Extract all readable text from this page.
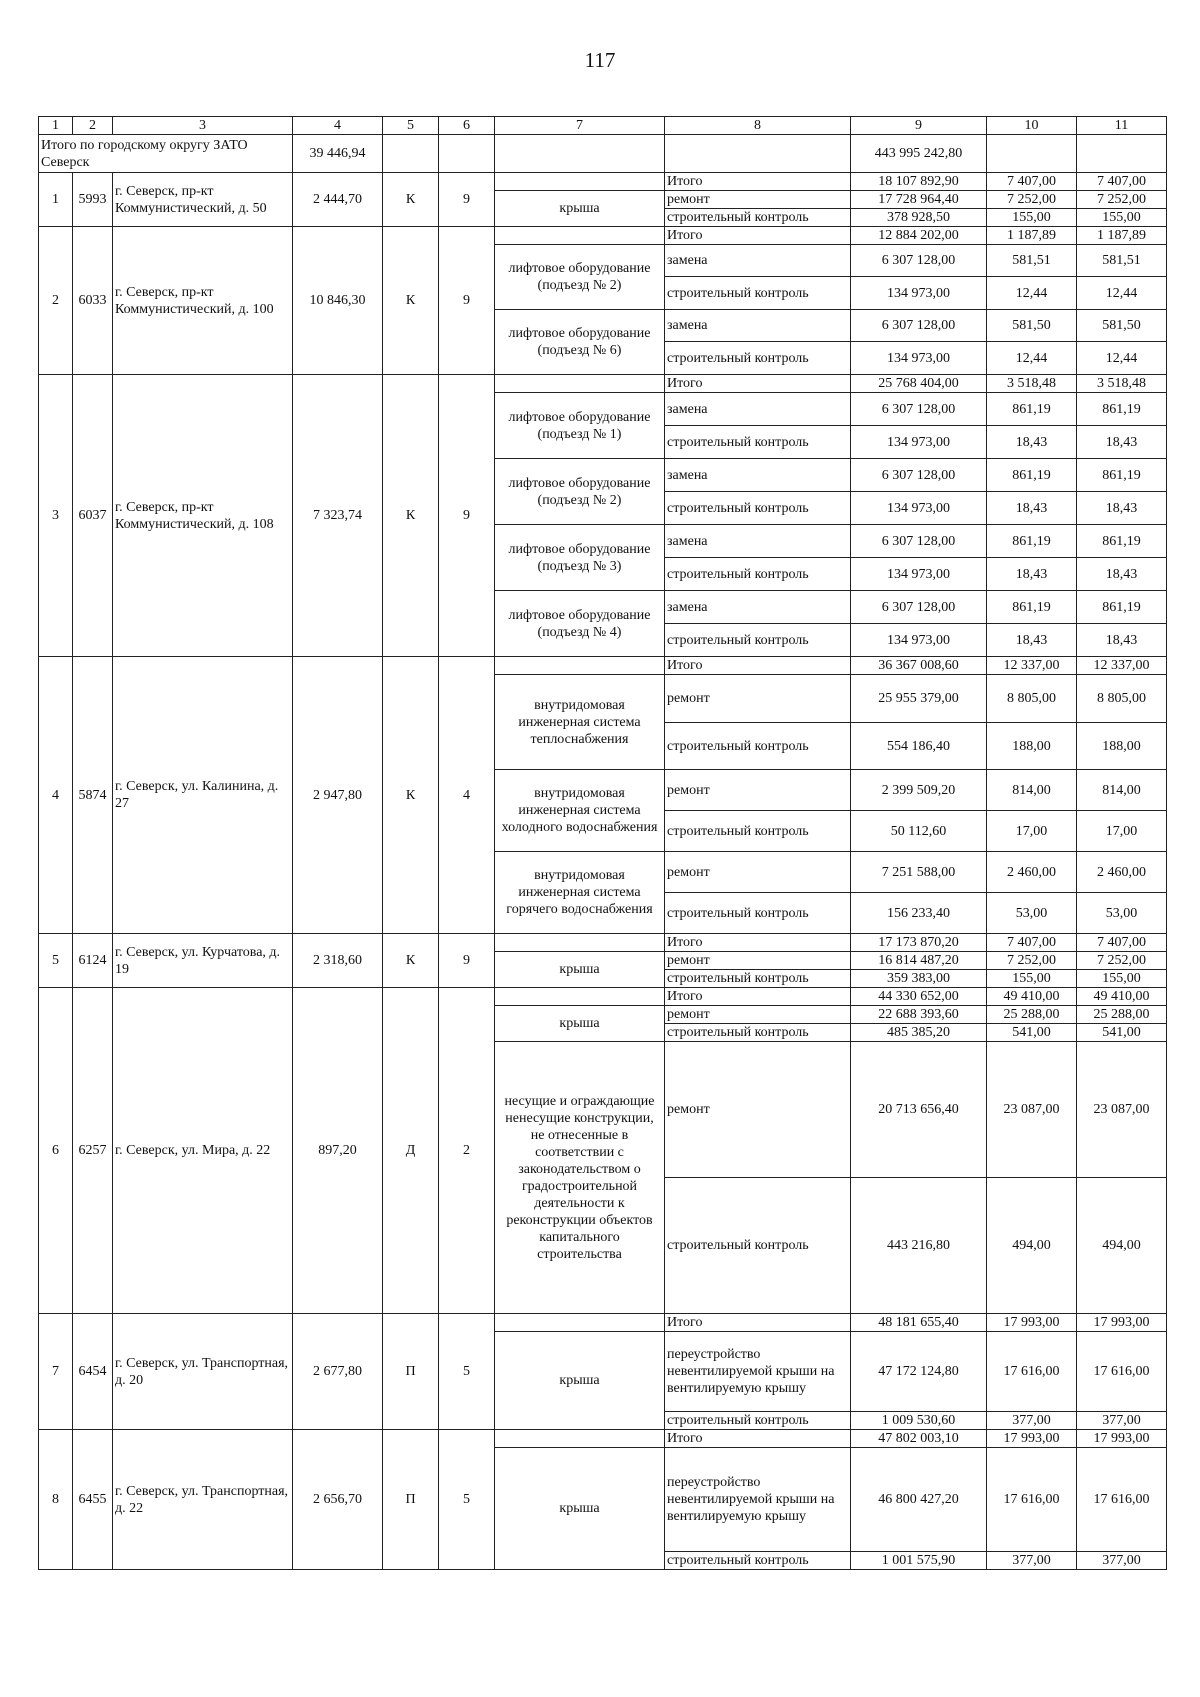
117
1	2	3	4	5	6	7	8	9	10	11
Итого по городскому округу ЗАТО Северск			39 446,94					443 995 242,80		
1	5993	г. Северск, пр-кт Коммунистический, д. 50	2 444,70	К	9		Итого	18 107 892,90	7 407,00	7 407,00
						крыша	ремонт	17 728 964,40	7 252,00	7 252,00
							строительный контроль	378 928,50	155,00	155,00
2	6033	г. Северск, пр-кт Коммунистический, д. 100	10 846,30	К	9		Итого	12 884 202,00	1 187,89	1 187,89
						лифтовое оборудование (подъезд № 2)	замена	6 307 128,00	581,51	581,51
							строительный контроль	134 973,00	12,44	12,44
						лифтовое оборудование (подъезд № 6)	замена	6 307 128,00	581,50	581,50
							строительный контроль	134 973,00	12,44	12,44
3	6037	г. Северск, пр-кт Коммунистический, д. 108	7 323,74	К	9		Итого	25 768 404,00	3 518,48	3 518,48
						лифтовое оборудование (подъезд № 1)	замена	6 307 128,00	861,19	861,19
							строительный контроль	134 973,00	18,43	18,43
						лифтовое оборудование (подъезд № 2)	замена	6 307 128,00	861,19	861,19
							строительный контроль	134 973,00	18,43	18,43
						лифтовое оборудование (подъезд № 3)	замена	6 307 128,00	861,19	861,19
							строительный контроль	134 973,00	18,43	18,43
						лифтовое оборудование (подъезд № 4)	замена	6 307 128,00	861,19	861,19
							строительный контроль	134 973,00	18,43	18,43
4	5874	г. Северск, ул. Калинина, д. 27	2 947,80	К	4		Итого	36 367 008,60	12 337,00	12 337,00
						внутридомовая инженерная система теплоснабжения	ремонт	25 955 379,00	8 805,00	8 805,00
							строительный контроль	554 186,40	188,00	188,00
						внутридомовая инженерная система холодного водоснабжения	ремонт	2 399 509,20	814,00	814,00
							строительный контроль	50 112,60	17,00	17,00
						внутридомовая инженерная система горячего водоснабжения	ремонт	7 251 588,00	2 460,00	2 460,00
							строительный контроль	156 233,40	53,00	53,00
5	6124	г. Северск, ул. Курчатова, д. 19	2 318,60	К	9		Итого	17 173 870,20	7 407,00	7 407,00
						крыша	ремонт	16 814 487,20	7 252,00	7 252,00
							строительный контроль	359 383,00	155,00	155,00
6	6257	г. Северск, ул. Мира, д. 22	897,20	Д	2		Итого	44 330 652,00	49 410,00	49 410,00
						крыша	ремонт	22 688 393,60	25 288,00	25 288,00
							строительный контроль	485 385,20	541,00	541,00
						несущие и ограждающие ненесущие конструкции, не отнесенные в соответствии с законодательством о градостроительной деятельности к реконструкции объектов капитального строительства	ремонт	20 713 656,40	23 087,00	23 087,00
							строительный контроль	443 216,80	494,00	494,00
7	6454	г. Северск, ул. Транспортная, д. 20	2 677,80	П	5		Итого	48 181 655,40	17 993,00	17 993,00
						крыша	переустройство невентилируемой крыши на вентилируемую крышу	47 172 124,80	17 616,00	17 616,00
							строительный контроль	1 009 530,60	377,00	377,00
8	6455	г. Северск, ул. Транспортная, д. 22	2 656,70	П	5		Итого	47 802 003,10	17 993,00	17 993,00
						крыша	переустройство невентилируемой крыши на вентилируемую крышу	46 800 427,20	17 616,00	17 616,00
							строительный контроль	1 001 575,90	377,00	377,00
